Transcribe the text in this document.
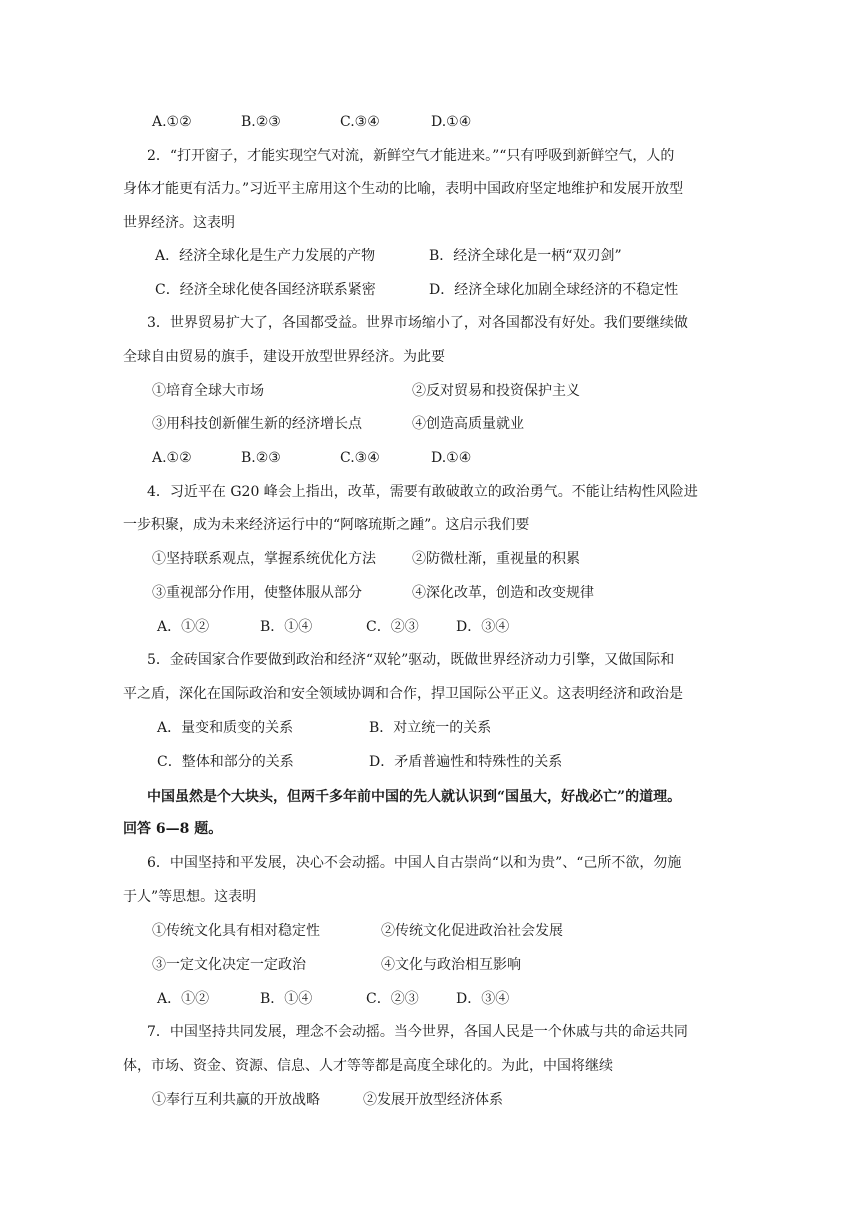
A.①②	B.②③	C.③④	D.①④
2．“打开窗子，才能实现空气对流，新鲜空气才能进来。”“只有呼吸到新鲜空气，人的
身体才能更有活力。”习近平主席用这个生动的比喻，表明中国政府坚定地维护和发展开放型
世界经济。这表明
A．经济全球化是生产力发展的产物	B．经济全球化是一柄“双刃剑”
C．经济全球化使各国经济联系紧密	D．经济全球化加剧全球经济的不稳定性
3．世界贸易扩大了，各国都受益。世界市场缩小了，对各国都没有好处。我们要继续做
全球自由贸易的旗手，建设开放型世界经济。为此要
①培育全球大市场	②反对贸易和投资保护主义
③用科技创新催生新的经济增长点	④创造高质量就业
A.①②	B.②③	C.③④	D.①④
4．习近平在 G20 峰会上指出，改革，需要有敢破敢立的政治勇气。不能让结构性风险进
一步积聚，成为未来经济运行中的“阿喀琉斯之踵”。这启示我们要
①坚持联系观点，掌握系统优化方法	②防微杜渐，重视量的积累
③重视部分作用，使整体服从部分	④深化改革，创造和改变规律
A．①②	B．①④	C．②③	D．③④
5．金砖国家合作要做到政治和经济“双轮”驱动，既做世界经济动力引擎，又做国际和
平之盾，深化在国际政治和安全领域协调和合作，捍卫国际公平正义。这表明经济和政治是
A．量变和质变的关系	B．对立统一的关系
C．整体和部分的关系	D．矛盾普遍性和特殊性的关系
中国虽然是个大块头，但两千多年前中国的先人就认识到“国虽大，好战必亡”的道理。
回答 6—8 题。
6．中国坚持和平发展，决心不会动摇。中国人自古崇尚“以和为贵”、“己所不欲，勿施
于人”等思想。这表明
①传统文化具有相对稳定性	②传统文化促进政治社会发展
③一定文化决定一定政治	④文化与政治相互影响
A．①②	B．①④	C．②③	D．③④
7．中国坚持共同发展，理念不会动摇。当今世界，各国人民是一个休戚与共的命运共同
体，市场、资金、资源、信息、人才等等都是高度全球化的。为此，中国将继续
①奉行互利共赢的开放战略	②发展开放型经济体系
